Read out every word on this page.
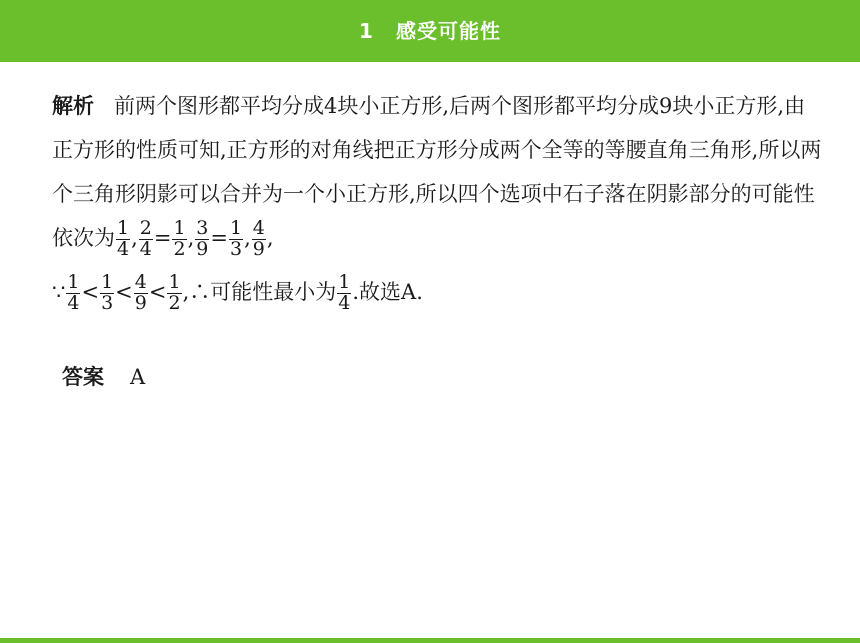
1 感受可能性

解析 前两个图形都平均分成4块小正方形,后两个图形都平均分成9块小正方形,由正方形的性质可知,正方形的对角线把正方形分成两个全等的等腰直角三角形,所以两个三角形阴影可以合并为一个小正方形,所以四个选项中石子落在阴影部分的可能性依次为 $\frac{1}{4}$ , $\frac{2}{4} = \frac{1}{2}$ , $\frac{3}{9} = \frac{1}{3}$ , $\frac{4}{9}$ ,

∵ $\frac{1}{4} < \frac{1}{3} < \frac{4}{9} < \frac{1}{2}$ ,∴可能性最小为 $\frac{1}{4}$ .故选A.

答案 A
